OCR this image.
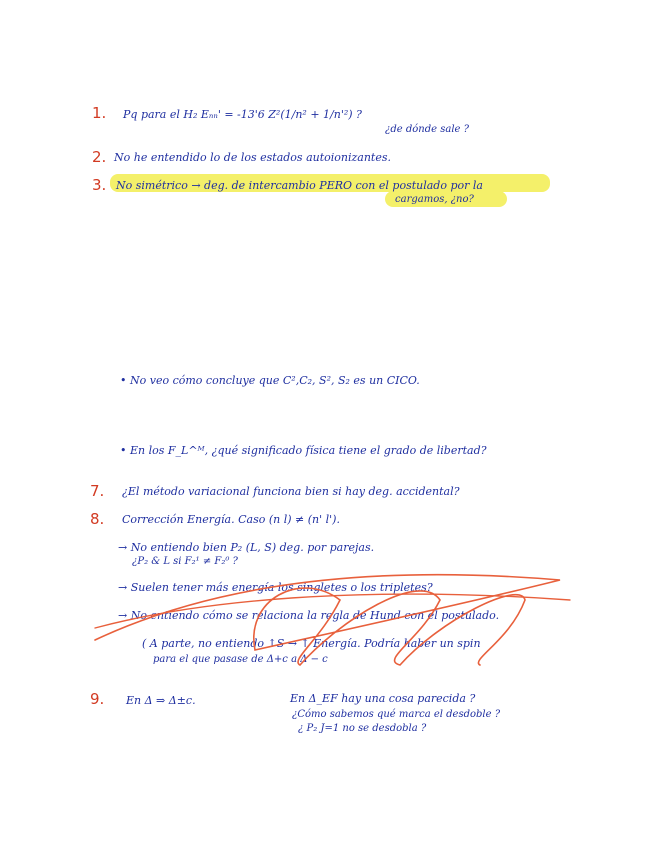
1. Pq para el H₂ Eₙₙ' = -13'6 Z²(1/n² + 1/n'²) ?
¿de dónde sale ?
2. No he entendido lo de los estados autoionizantes.
3. No simétrico → deg. de intercambio PERO con el postulado por la
cargamos, ¿no?
• No veo cómo concluye que C²,C₂, S², S₂ es un CICO.
• En los F_L^ᴹ, ¿qué significado física tiene el grado de libertad?
7. ¿El método variacional funciona bien si hay deg. accidental?
8. Corrección Energía. Caso (n l) ≠ (n' l').
→ No entiendo bien P₂ (L, S) deg. por parejas.
¿P₂ & L si F₂¹ ≠ F₂⁰ ?
→ Suelen tener más energía los singletes o los tripletes?
→ No entiendo cómo se relaciona la regla de Hund con el postulado.
( A parte, no entiendo ↑S → ↑ Energía. Podría haber un spin
para el que pasase de Δ+c a Δ − c
9. En Δ ⇒ Δ±c.	En Δ_EF hay una cosa parecida ?
¿Cómo sabemos qué marca el desdoble ?
¿ P₂ J=1 no se desdobla ?
